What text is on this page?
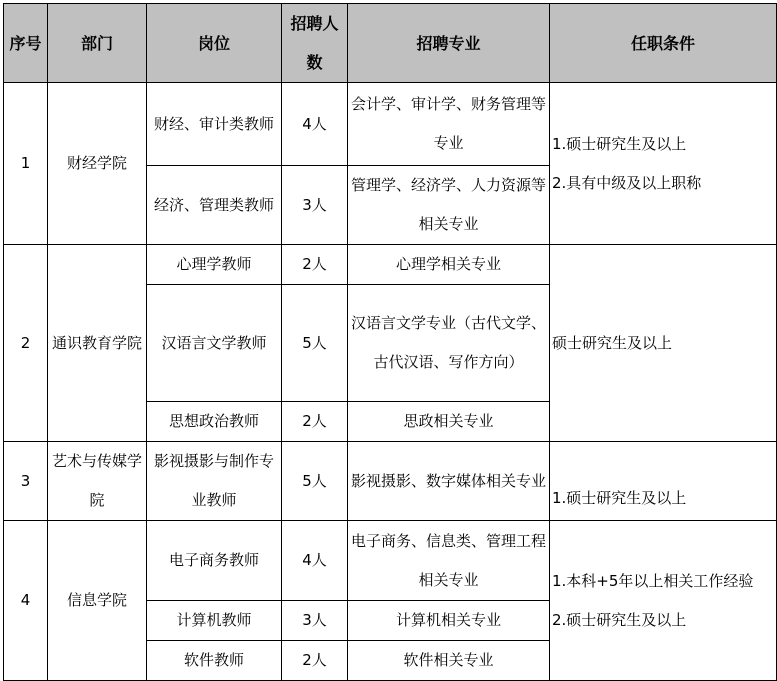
序号	部门	岗位	招聘人数	招聘专业	任职条件
1	财经学院	财经、审计类教师	4人	会计学、审计学、财务管理等专业	1.硕士研究生及以上
2.具有中级及以上职称

		经济、管理类教师	3人	管理学、经济学、人力资源等相关专业	
2	通识教育学院	心理学教师	2人	心理学相关专业	硕士研究生及以上

		汉语言文学教师	5人	汉语言文学专业（古代文学、古代汉语、写作方向）	
		思想政治教师	2人	思政相关专业	
3	艺术与传媒学院	影视摄影与制作专业教师	5人	影视摄影、数字媒体相关专业	1.硕士研究生及以上

4	信息学院	电子商务教师	4人	电子商务、信息类、管理工程相关专业	1.本科+5年以上相关工作经验
2.硕士研究生及以上

		计算机教师	3人	计算机相关专业	
		软件教师	2人	软件相关专业	
